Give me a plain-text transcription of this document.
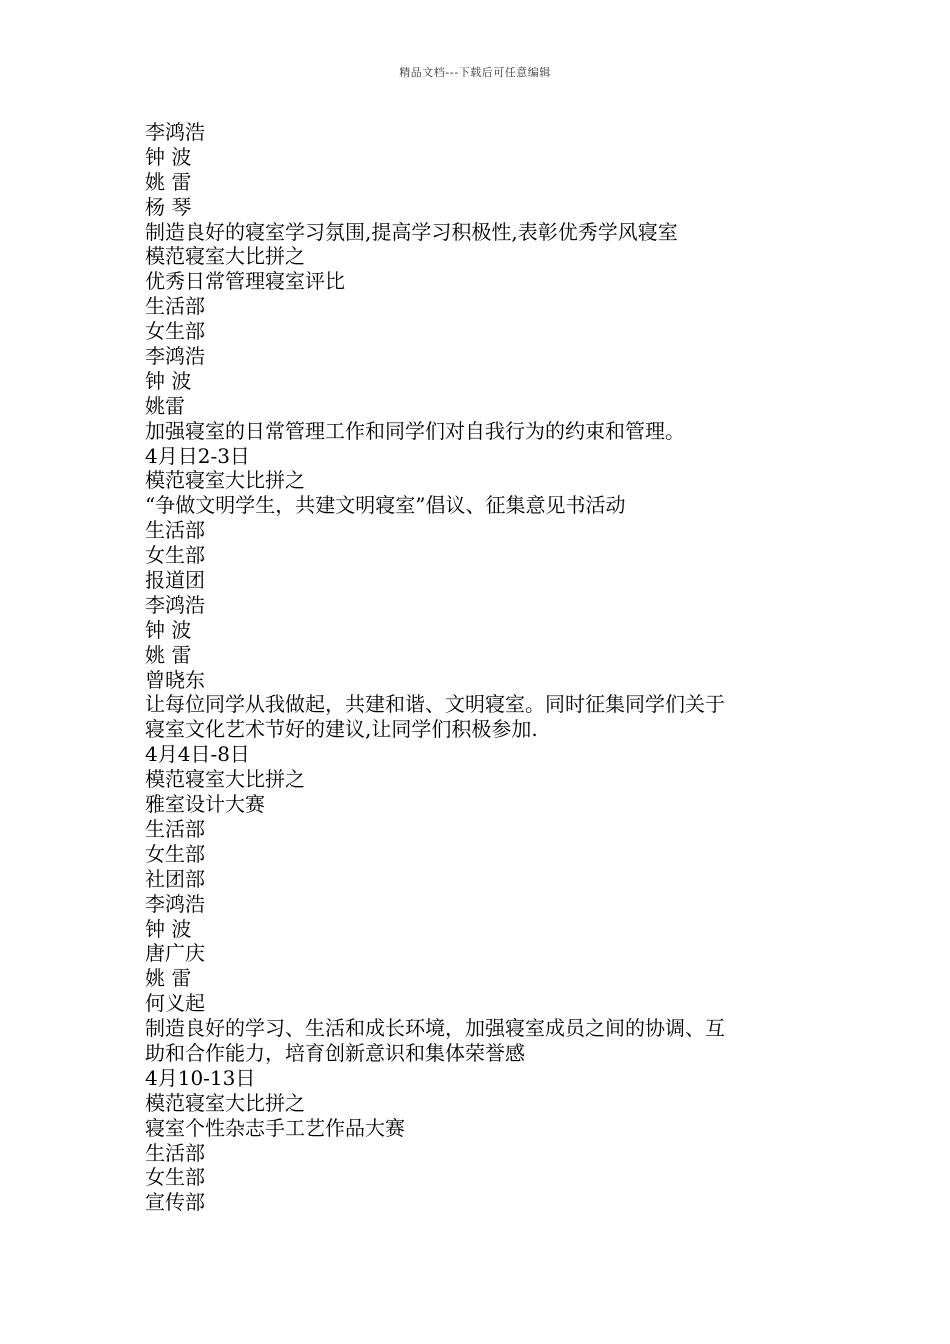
精品文档---下载后可任意编辑
李鸿浩
钟 波
姚 雷
杨 琴
制造良好的寝室学习氛围,提高学习积极性,表彰优秀学风寝室
模范寝室大比拼之
优秀日常管理寝室评比
生活部
女生部
李鸿浩
钟 波
姚雷
加强寝室的日常管理工作和同学们对自我行为的约束和管理。
4月日2-3日
模范寝室大比拼之
“争做文明学生，共建文明寝室”倡议、征集意见书活动
生活部
女生部
报道团
李鸿浩
钟 波
姚 雷
曾晓东
让每位同学从我做起，共建和谐、文明寝室。同时征集同学们关于
寝室文化艺术节好的建议,让同学们积极参加.
4月4日-8日
模范寝室大比拼之
雅室设计大赛
生活部
女生部
社团部
李鸿浩
钟 波
唐广庆
姚 雷
何义起
制造良好的学习、生活和成长环境，加强寝室成员之间的协调、互
助和合作能力，培育创新意识和集体荣誉感
4月10-13日
模范寝室大比拼之
寝室个性杂志手工艺作品大赛
生活部
女生部
宣传部
